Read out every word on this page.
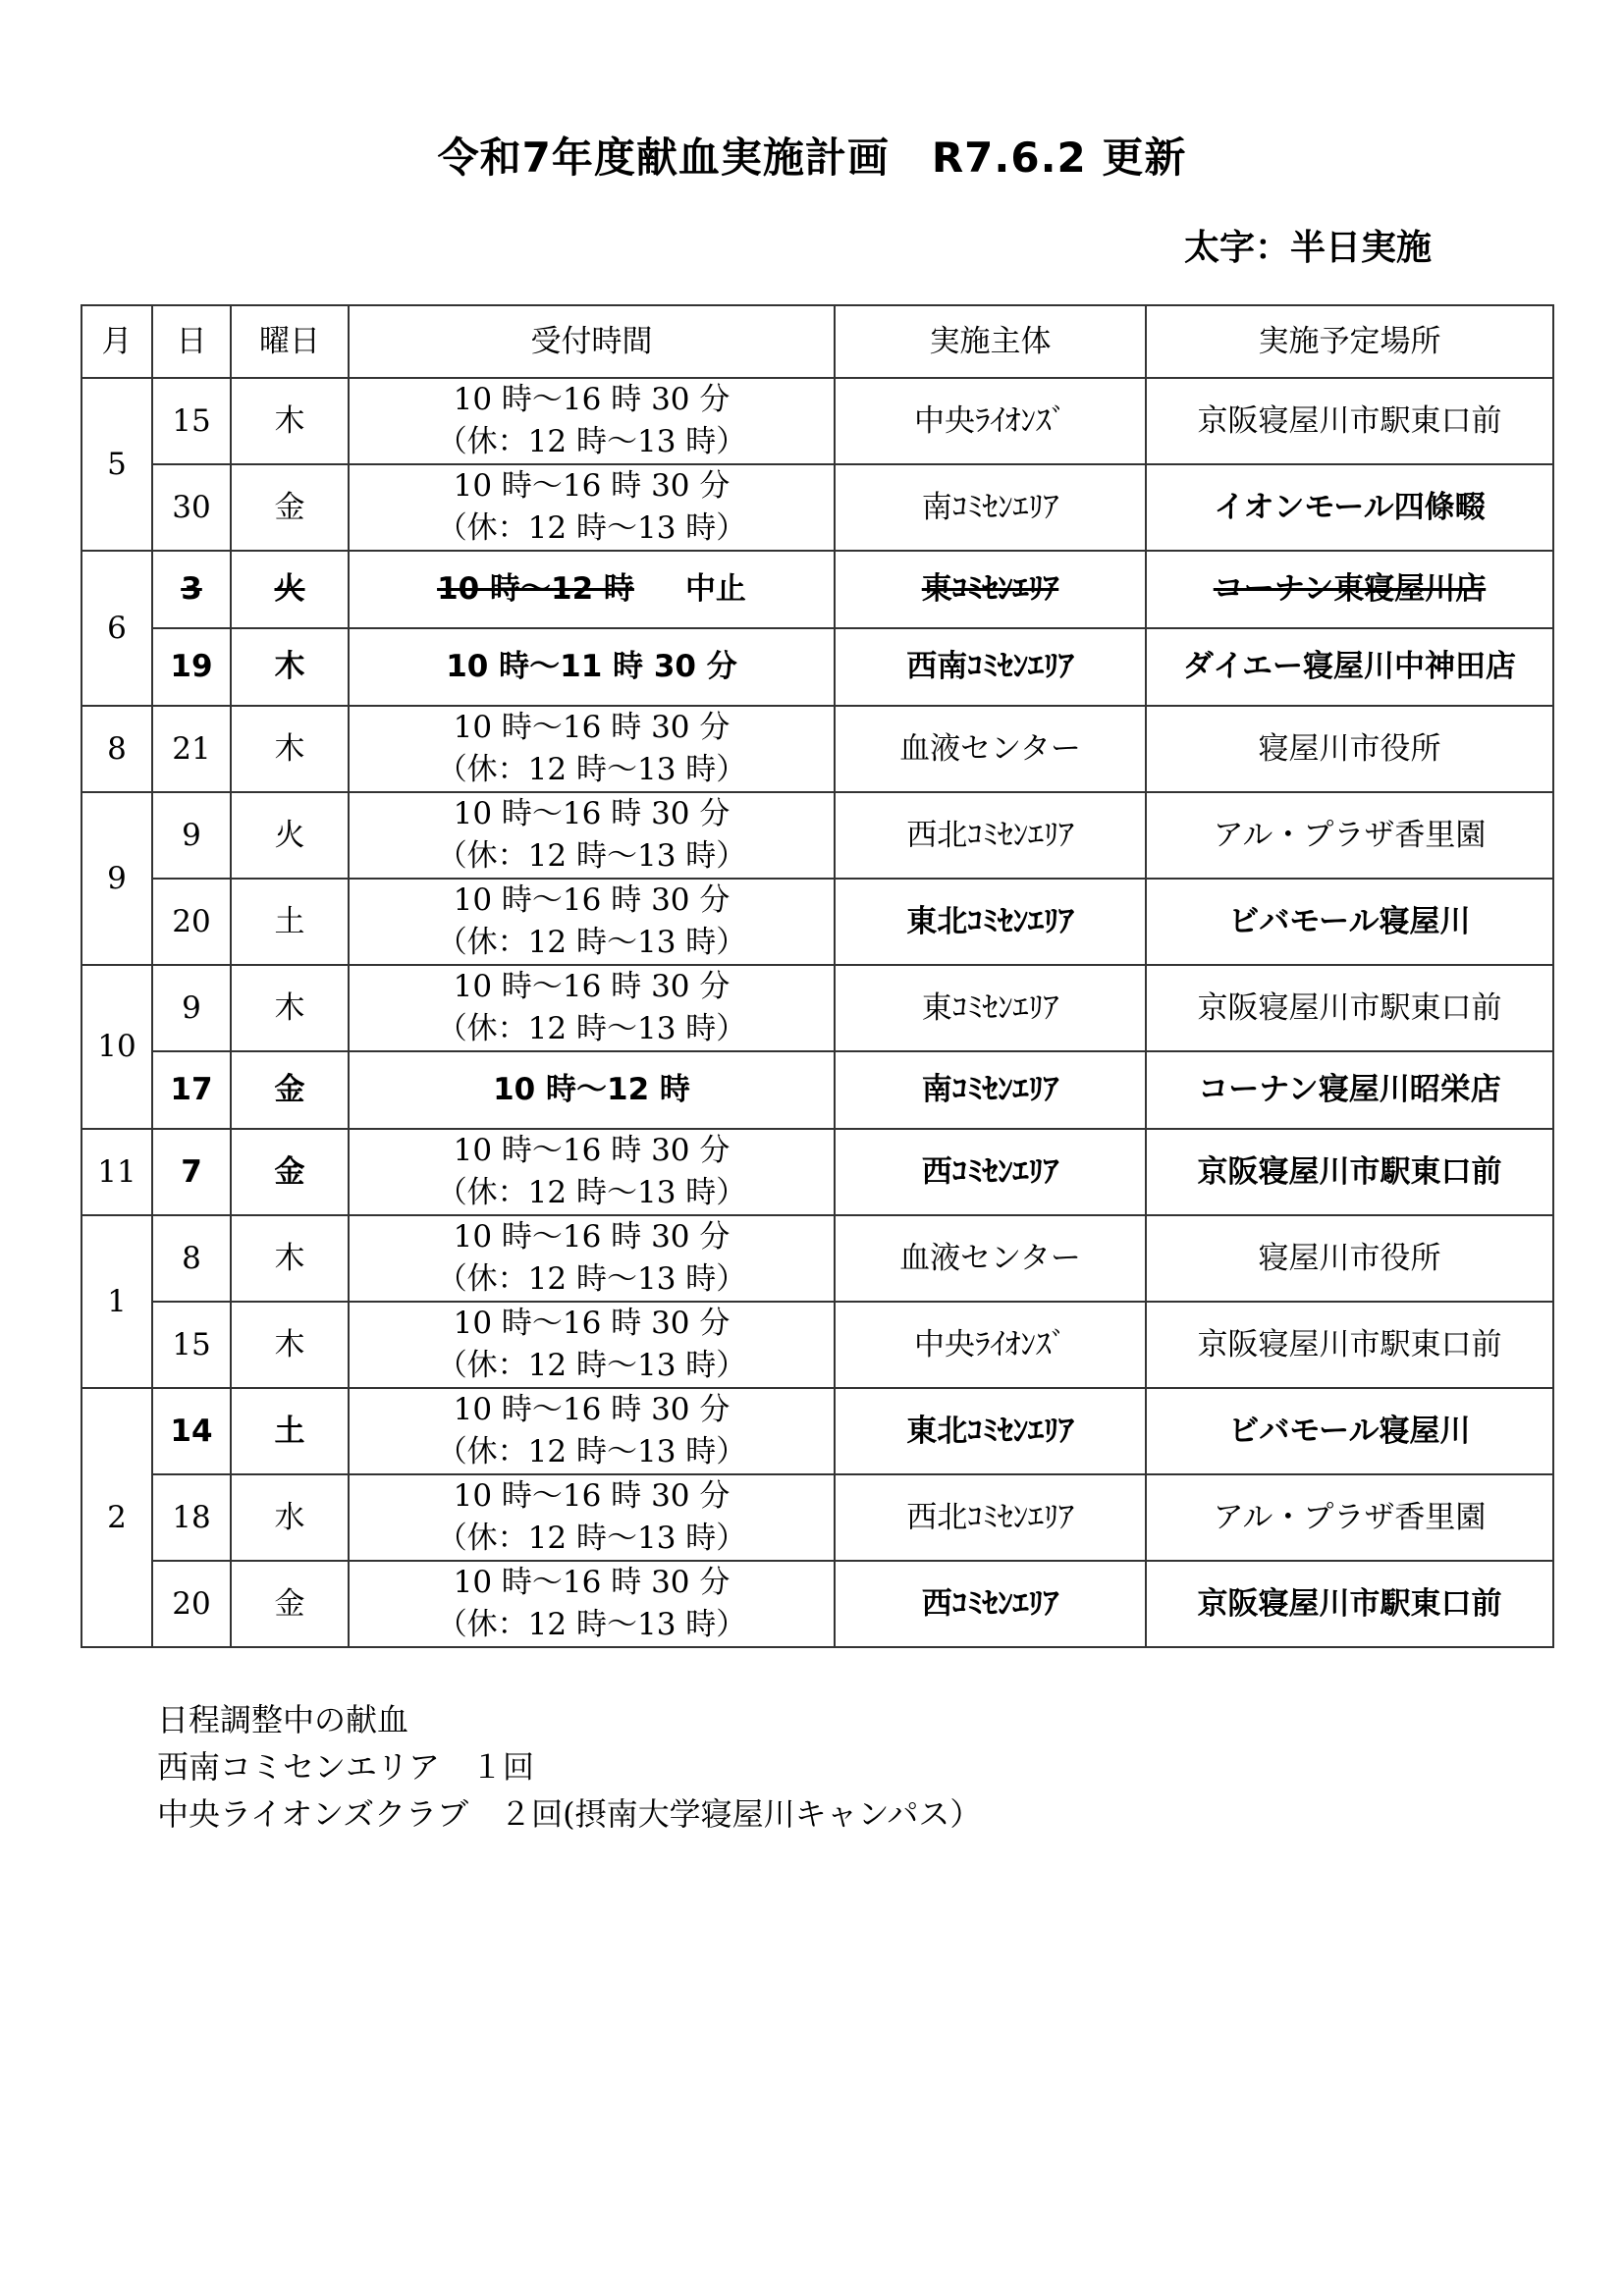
令和7年度献血実施計画　R7.6.2 更新
太字：半日実施
月	日	曜日	受付時間	実施主体	実施予定場所
5	15	木	10 時～16 時 30 分
（休：12 時～13 時）	中央ﾗｲｵﾝｽﾞ	京阪寝屋川市駅東口前
	30	金	10 時～16 時 30 分
（休：12 時～13 時）	南ｺﾐｾﾝｴﾘｱ	イオンモール四條畷
6	3	火	10 時～12 時 中止	東ｺﾐｾﾝｴﾘｱ	コーナン東寝屋川店
	19	木	10 時～11 時 30 分	西南ｺﾐｾﾝｴﾘｱ	ダイエー寝屋川中神田店
8	21	木	10 時～16 時 30 分
（休：12 時～13 時）	血液センター	寝屋川市役所
9	9	火	10 時～16 時 30 分
（休：12 時～13 時）	西北ｺﾐｾﾝｴﾘｱ	アル・プラザ香里園
	20	土	10 時～16 時 30 分
（休：12 時～13 時）	東北ｺﾐｾﾝｴﾘｱ	ビバモール寝屋川
10	9	木	10 時～16 時 30 分
（休：12 時～13 時）	東ｺﾐｾﾝｴﾘｱ	京阪寝屋川市駅東口前
	17	金	10 時～12 時	南ｺﾐｾﾝｴﾘｱ	コーナン寝屋川昭栄店
11	7	金	10 時～16 時 30 分
（休：12 時～13 時）	西ｺﾐｾﾝｴﾘｱ	京阪寝屋川市駅東口前
1	8	木	10 時～16 時 30 分
（休：12 時～13 時）	血液センター	寝屋川市役所
	15	木	10 時～16 時 30 分
（休：12 時～13 時）	中央ﾗｲｵﾝｽﾞ	京阪寝屋川市駅東口前
2	14	土	10 時～16 時 30 分
（休：12 時～13 時）	東北ｺﾐｾﾝｴﾘｱ	ビバモール寝屋川
	18	水	10 時～16 時 30 分
（休：12 時～13 時）	西北ｺﾐｾﾝｴﾘｱ	アル・プラザ香里園
	20	金	10 時～16 時 30 分
（休：12 時～13 時）	西ｺﾐｾﾝｴﾘｱ	京阪寝屋川市駅東口前
日程調整中の献血
西南コミセンエリア　１回
中央ライオンズクラブ　２回(摂南大学寝屋川キャンパス）
